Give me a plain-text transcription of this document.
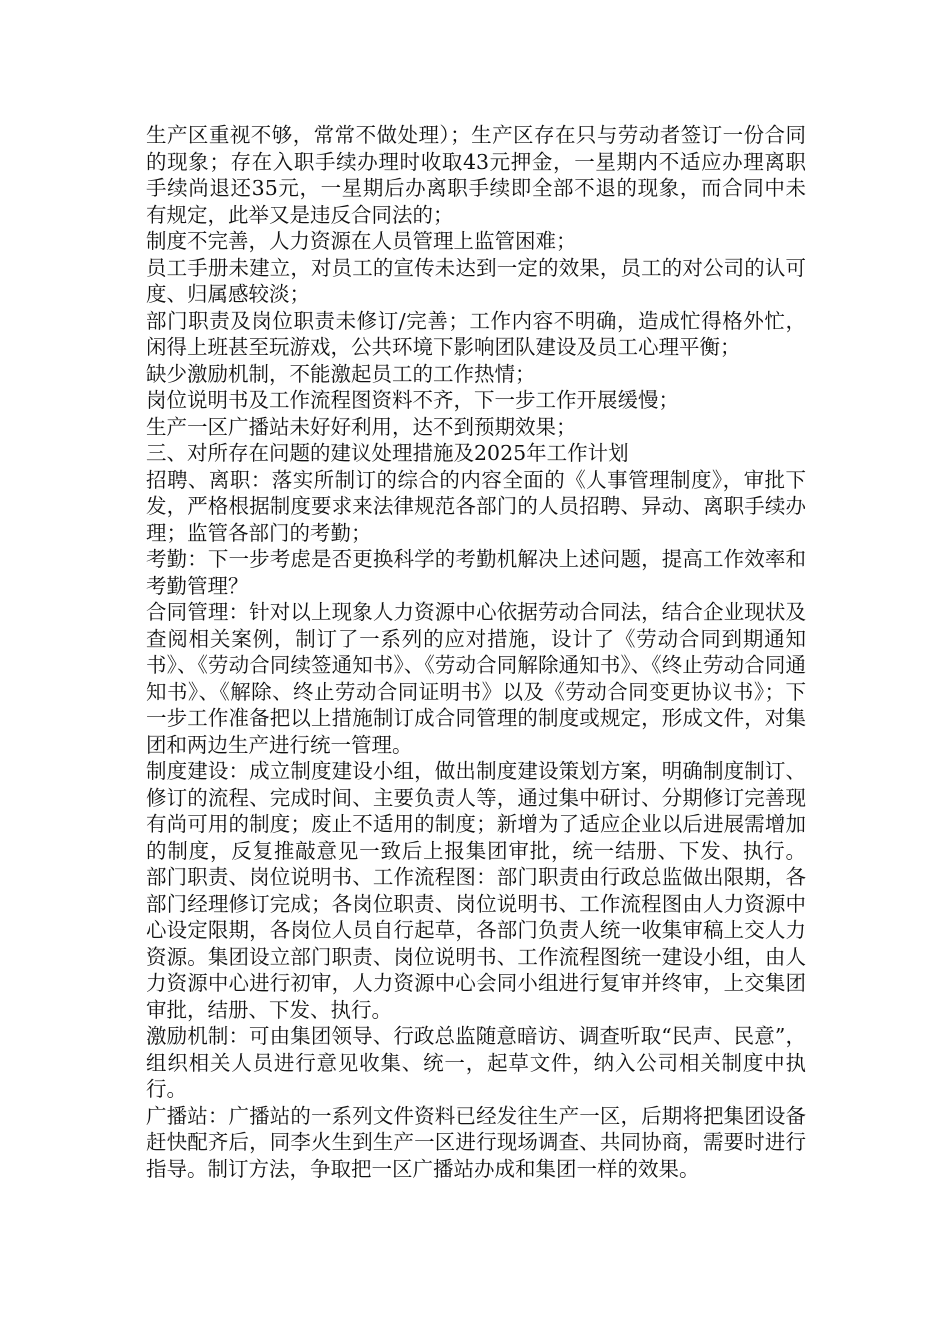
生产区重视不够，常常不做处理）；生产区存在只与劳动者签订一份合同的现象；存在入职手续办理时收取43元押金，一星期内不适应办理离职手续尚退还35元，一星期后办离职手续即全部不退的现象，而合同中未有规定，此举又是违反合同法的；

制度不完善，人力资源在人员管理上监管困难；

员工手册未建立，对员工的宣传未达到一定的效果，员工的对公司的认可度、归属感较淡；

部门职责及岗位职责未修订/完善；工作内容不明确，造成忙得格外忙，闲得上班甚至玩游戏，公共环境下影响团队建设及员工心理平衡；

缺少激励机制，不能激起员工的工作热情；

岗位说明书及工作流程图资料不齐，下一步工作开展缓慢；

生产一区广播站未好好利用，达不到预期效果；

三、对所存在问题的建议处理措施及2025年工作计划

招聘、离职：落实所制订的综合的内容全面的《人事管理制度》，审批下发，严格根据制度要求来法律规范各部门的人员招聘、异动、离职手续办理；监管各部门的考勤；

考勤：下一步考虑是否更换科学的考勤机解决上述问题，提高工作效率和考勤管理？

合同管理：针对以上现象人力资源中心依据劳动合同法，结合企业现状及查阅相关案例，制订了一系列的应对措施，设计了《劳动合同到期通知书》、《劳动合同续签通知书》、《劳动合同解除通知书》、《终止劳动合同通知书》、《解除、终止劳动合同证明书》以及《劳动合同变更协议书》；下一步工作准备把以上措施制订成合同管理的制度或规定，形成文件，对集团和两边生产进行统一管理。

制度建设：成立制度建设小组，做出制度建设策划方案，明确制度制订、修订的流程、完成时间、主要负责人等，通过集中研讨、分期修订完善现有尚可用的制度；废止不适用的制度；新增为了适应企业以后进展需增加的制度，反复推敲意见一致后上报集团审批，统一结册、下发、执行。 部门职责、岗位说明书、工作流程图：部门职责由行政总监做出限期，各部门经理修订完成；各岗位职责、岗位说明书、工作流程图由人力资源中心设定限期，各岗位人员自行起草，各部门负责人统一收集审稿上交人力资源。集团设立部门职责、岗位说明书、工作流程图统一建设小组，由人力资源中心进行初审，人力资源中心会同小组进行复审并终审，上交集团审批，结册、下发、执行。

激励机制：可由集团领导、行政总监随意暗访、调查听取“民声、民意”，组织相关人员进行意见收集、统一，起草文件，纳入公司相关制度中执行。

广播站：广播站的一系列文件资料已经发往生产一区，后期将把集团设备赶快配齐后，同李火生到生产一区进行现场调查、共同协商，需要时进行指导。制订方法，争取把一区广播站办成和集团一样的效果。
